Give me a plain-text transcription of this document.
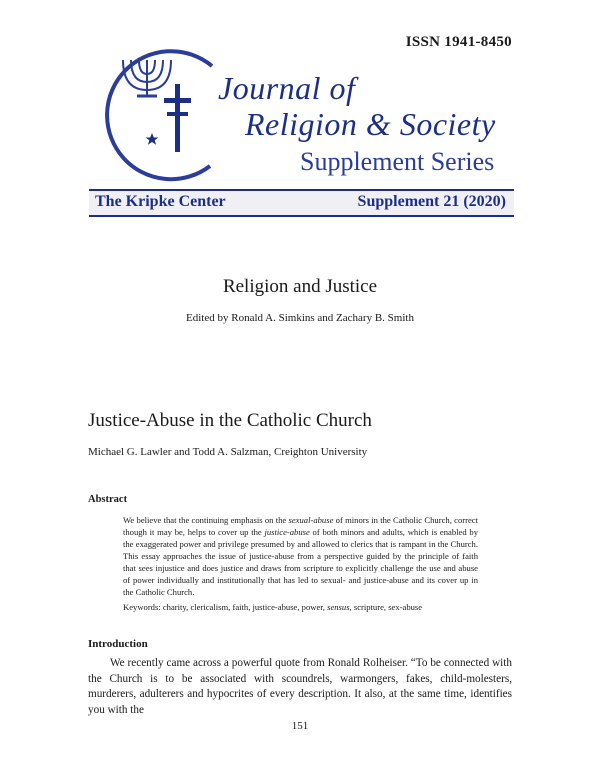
ISSN 1941-8450
Journal of
Religion & Society
Supplement Series
The Kripke Center	Supplement 21 (2020)
Religion and Justice
Edited by Ronald A. Simkins and Zachary B. Smith
Justice-Abuse in the Catholic Church
Michael G. Lawler and Todd A. Salzman, Creighton University
Abstract
We believe that the continuing emphasis on the sexual-abuse of minors in the Catholic Church, correct though it may be, helps to cover up the justice-abuse of both minors and adults, which is enabled by the exaggerated power and privilege presumed by and allowed to clerics that is rampant in the Church. This essay approaches the issue of justice-abuse from a perspective guided by the principle of faith that sees injustice and does justice and draws from scripture to explicitly challenge the use and abuse of power individually and institutionally that has led to sexual- and justice-abuse and its cover up in the Catholic Church.
Keywords: charity, clericalism, faith, justice-abuse, power, sensus, scripture, sex-abuse
Introduction
We recently came across a powerful quote from Ronald Rolheiser. “To be connected with the Church is to be associated with scoundrels, warmongers, fakes, child-molesters, murderers, adulterers and hypocrites of every description. It also, at the same time, identifies you with the
151
